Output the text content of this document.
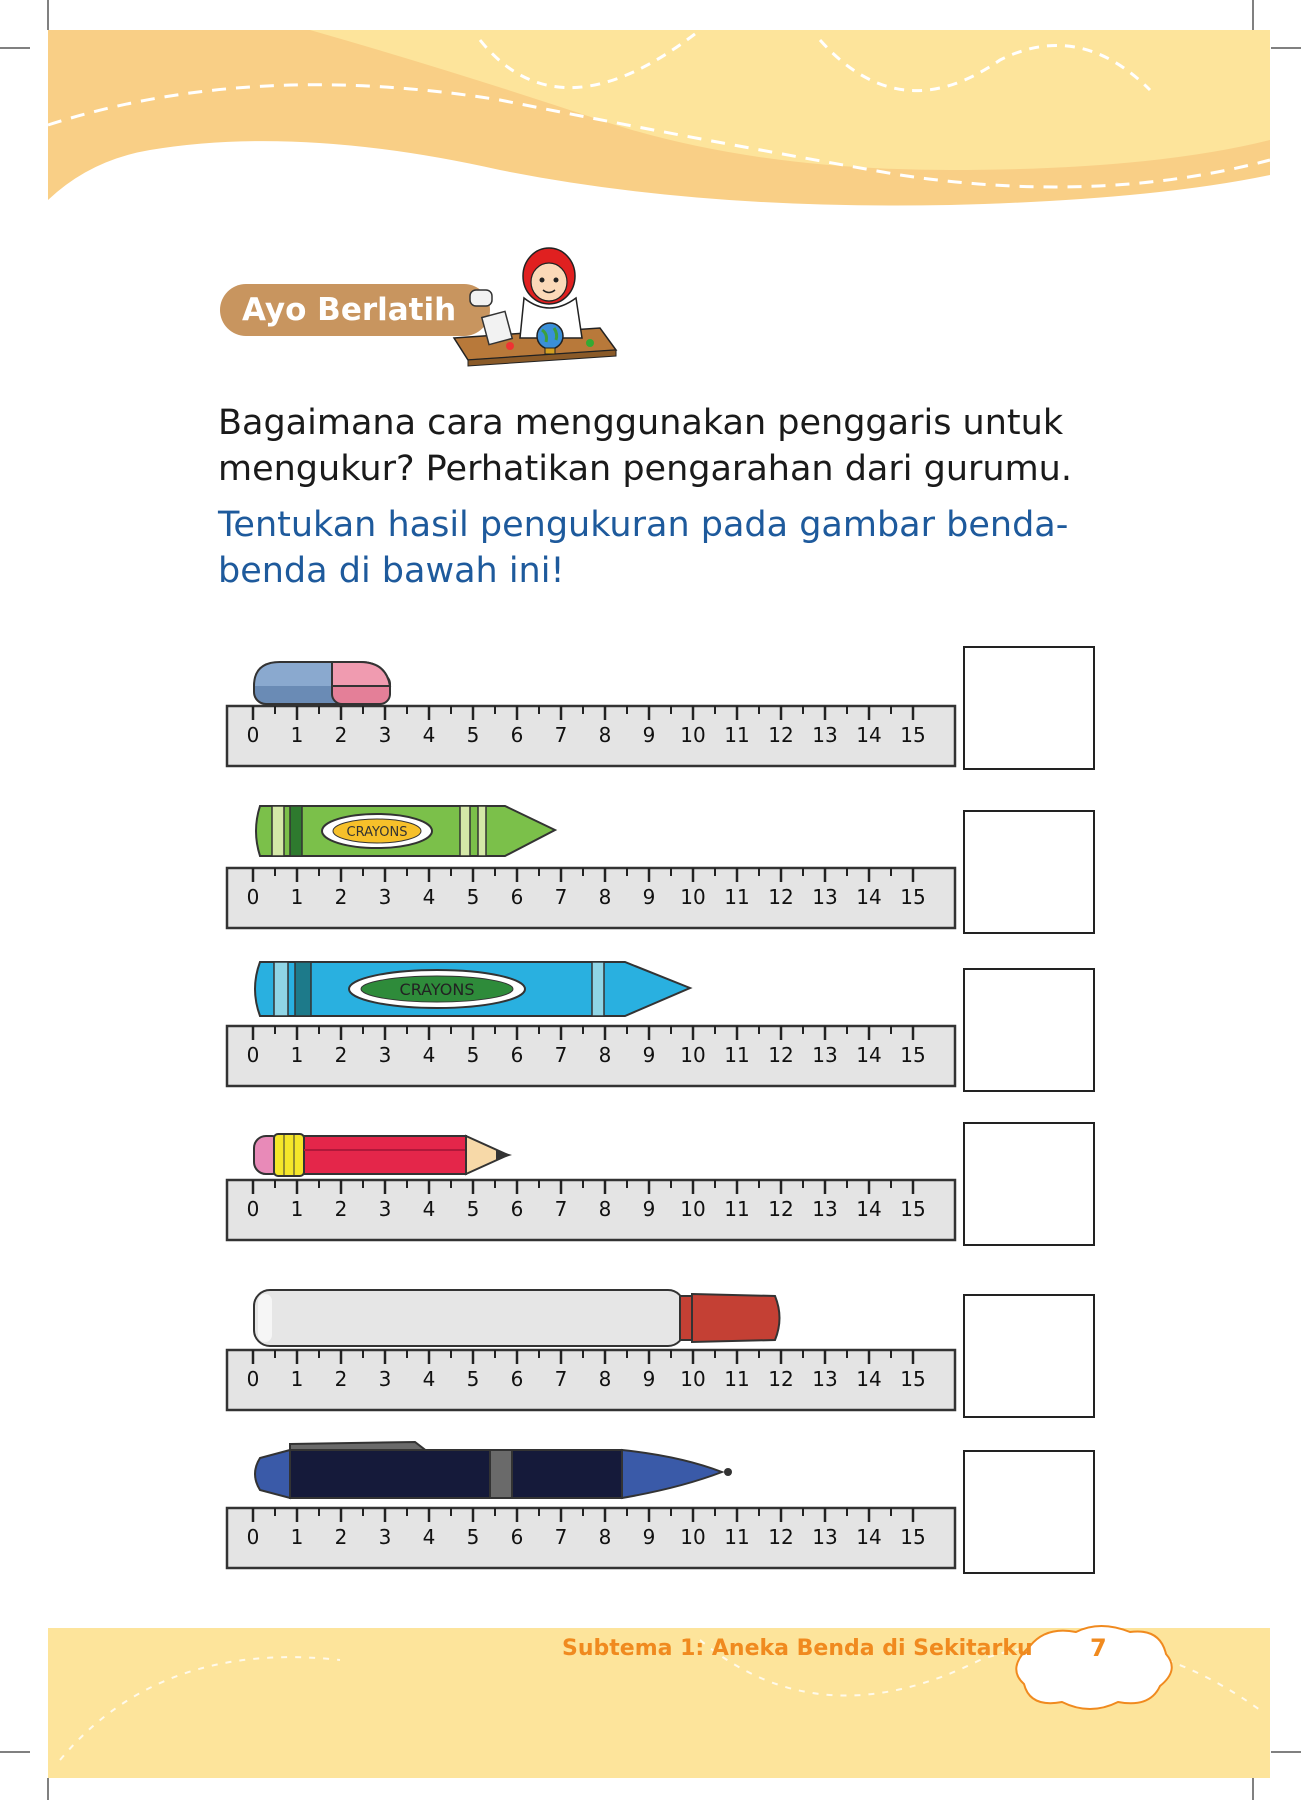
Ayo Berlatih
Bagaimana cara menggunakan penggaris untuk mengukur? Perhatikan pengarahan dari gurumu.
Tentukan hasil pengukuran pada gambar benda-benda di bawah ini!
0 1 2 3 4 5 6 7 8 9 10 11 12 13 14 15
CRAYONS
0 1 2 3 4 5 6 7 8 9 10 11 12 13 14 15
CRAYONS
0 1 2 3 4 5 6 7 8 9 10 11 12 13 14 15
0 1 2 3 4 5 6 7 8 9 10 11 12 13 14 15
0 1 2 3 4 5 6 7 8 9 10 11 12 13 14 15
0 1 2 3 4 5 6 7 8 9 10 11 12 13 14 15
Subtema 1: Aneka Benda di Sekitarku 7
